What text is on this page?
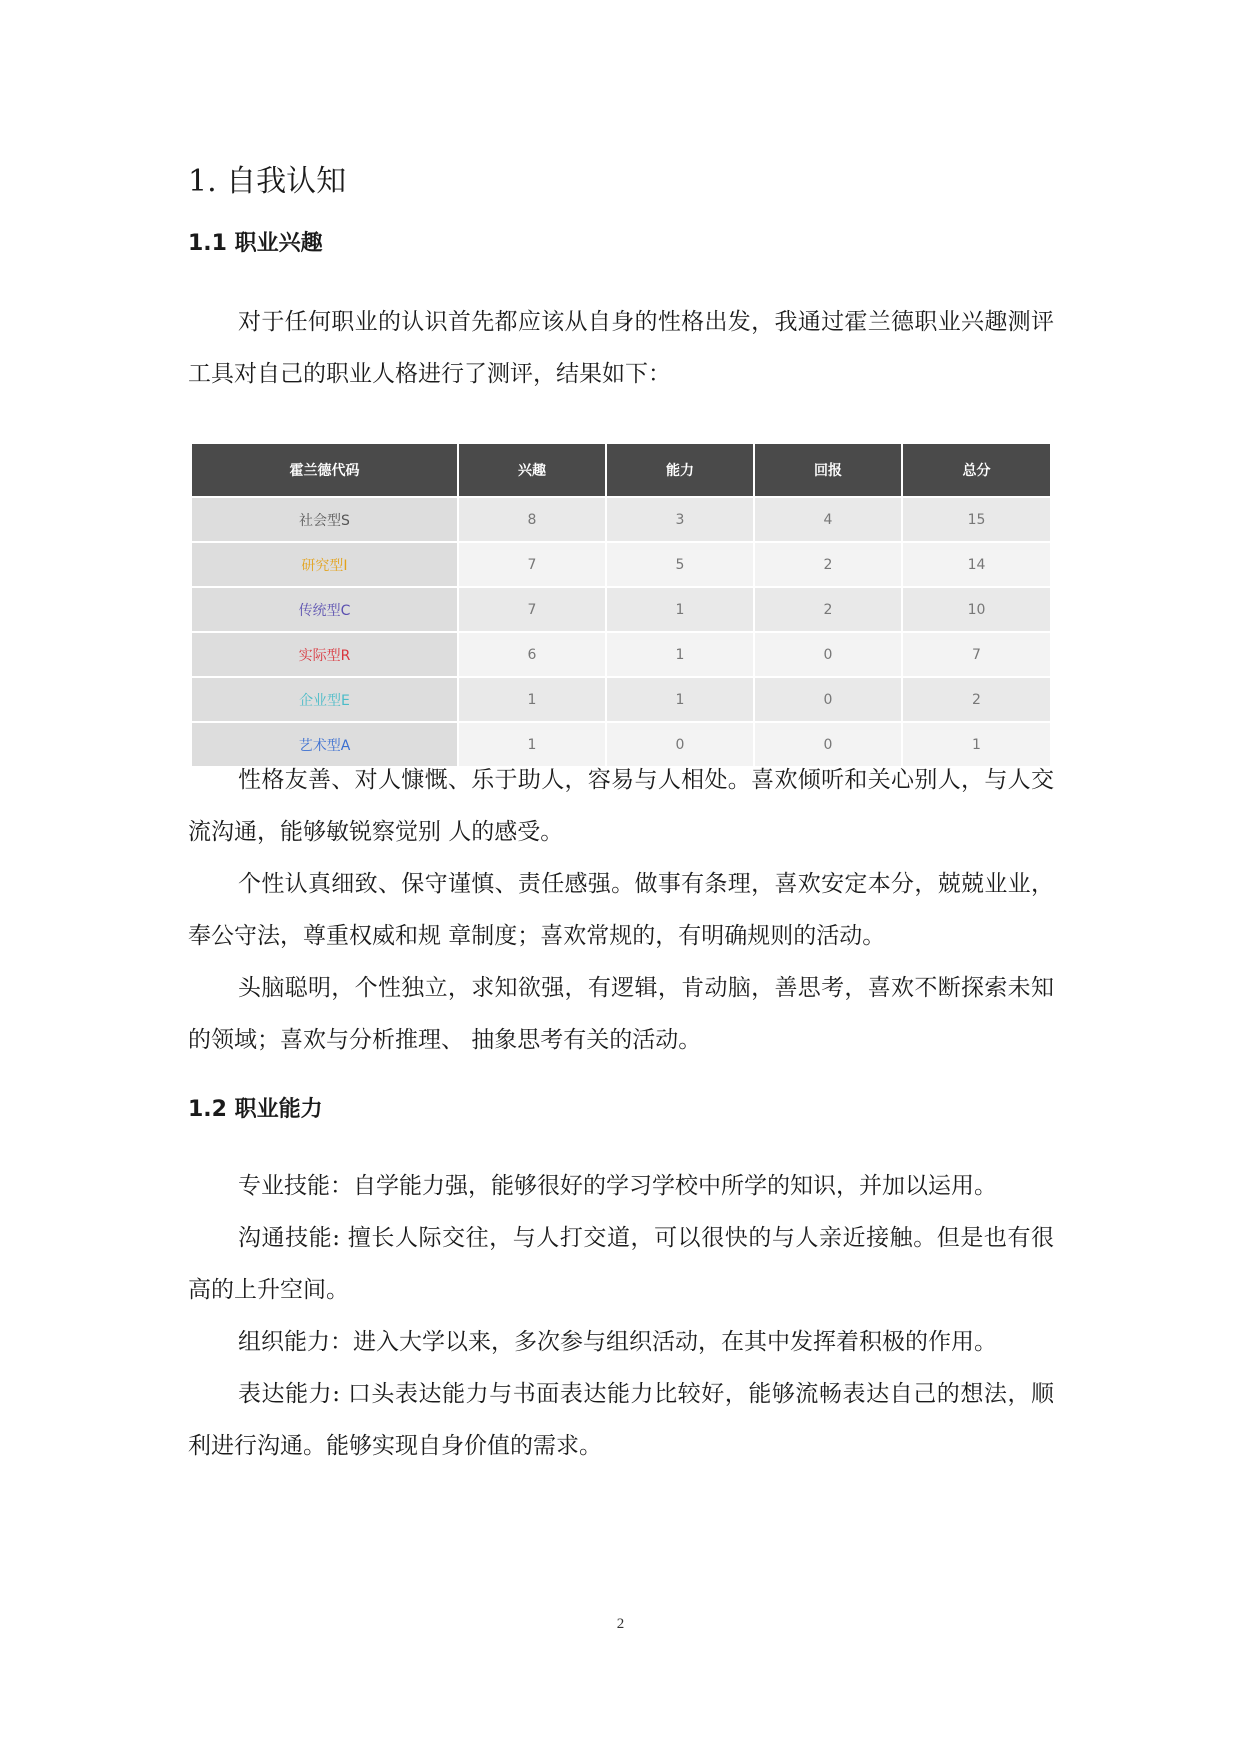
1. 自我认知
1.1 职业兴趣

对于任何职业的认识首先都应该从自身的性格出发，我通过霍兰德职业兴趣测评工具对自己的职业人格进行了测评，结果如下：

霍兰德代码	兴趣	能力	回报	总分
社会型S	8	3	4	15
研究型I	7	5	2	14
传统型C	7	1	2	10
实际型R	6	1	0	7
企业型E	1	1	0	2
艺术型A	1	0	0	1

性格友善、对人慷慨、乐于助人，容易与人相处。喜欢倾听和关心别人，与人交流沟通，能够敏锐察觉别 人的感受。

个性认真细致、保守谨慎、责任感强。做事有条理，喜欢安定本分，兢兢业业，奉公守法，尊重权威和规 章制度；喜欢常规的，有明确规则的活动。

头脑聪明，个性独立，求知欲强，有逻辑，肯动脑，善思考，喜欢不断探索未知的领域；喜欢与分析推理、 抽象思考有关的活动。

1.2 职业能力

专业技能：自学能力强，能够很好的学习学校中所学的知识，并加以运用。

沟通技能: 擅长人际交往，与人打交道，可以很快的与人亲近接触。但是也有很高的上升空间。

组织能力：进入大学以来，多次参与组织活动，在其中发挥着积极的作用。

表达能力: 口头表达能力与书面表达能力比较好，能够流畅表达自己的想法，顺利进行沟通。能够实现自身价值的需求。

2
